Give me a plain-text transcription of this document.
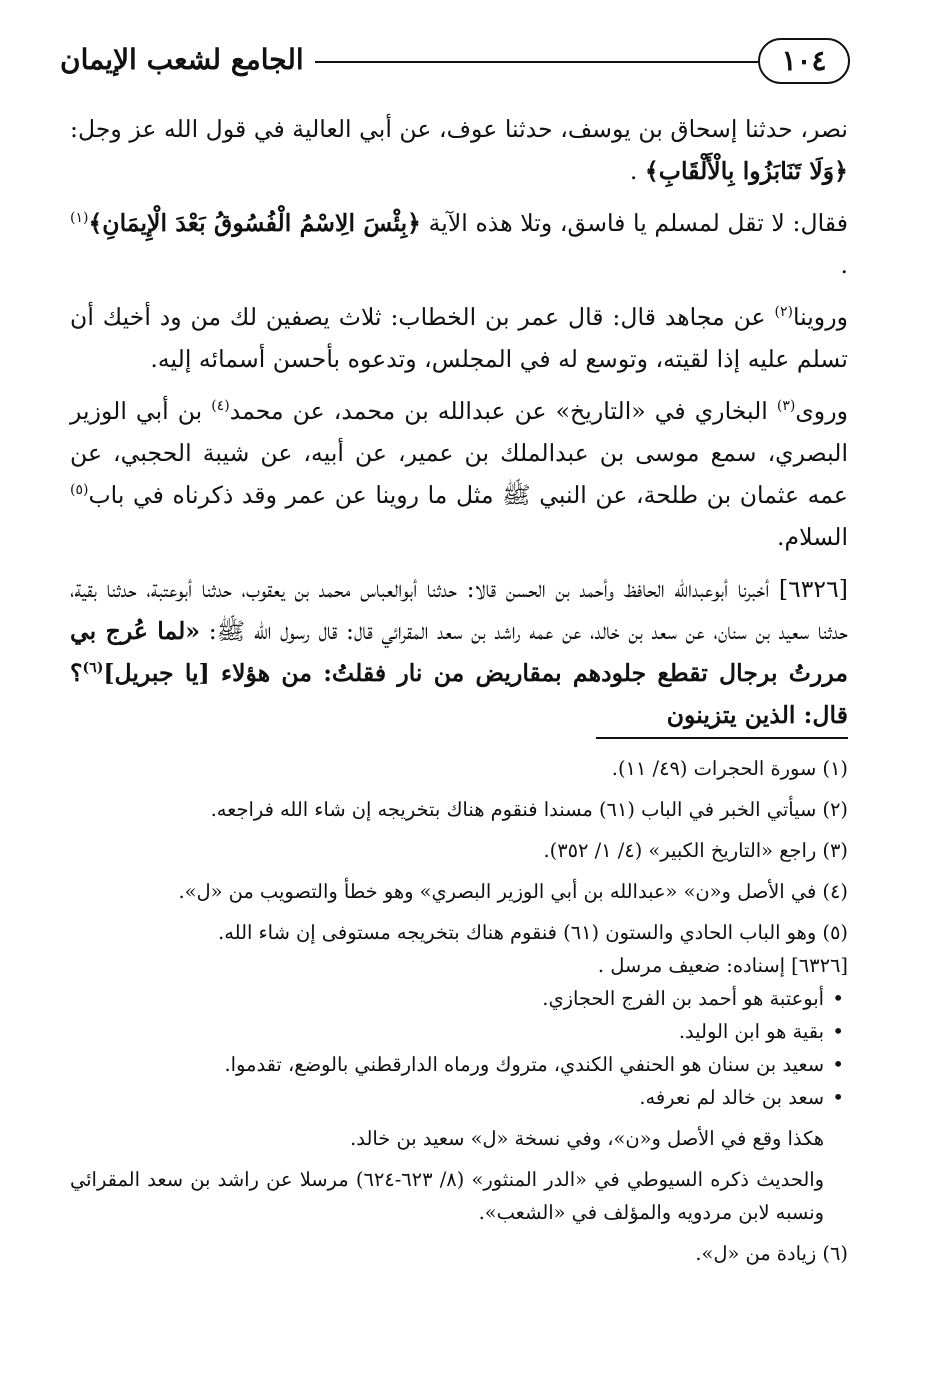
١٠٤
الجامع لشعب الإيمان

نصر، حدثنا إسحاق بن يوسف، حدثنا عوف، عن أبي العالية في قول الله عز وجل: ﴿وَلَا تَنَابَزُوا بِالْأَلْقَابِ﴾ .

فقال: لا تقل لمسلم يا فاسق، وتلا هذه الآية ﴿بِئْسَ الِاسْمُ الْفُسُوقُ بَعْدَ الْإِيمَانِ﴾$^{(١)}$ .

وروينا$^{(٢)}$ عن مجاهد قال: قال عمر بن الخطاب: ثلاث يصفين لك من ود أخيك أن تسلم عليه إذا لقيته، وتوسع له في المجلس، وتدعوه بأحسن أسمائه إليه.

وروى$^{(٣)}$ البخاري في «التاريخ» عن عبدالله بن محمد، عن محمد$^{(٤)}$ بن أبي الوزير البصري، سمع موسى بن عبدالملك بن عمير، عن أبيه، عن شيبة الحجبي، عن عمه عثمان بن طلحة، عن النبي ﷺ مثل ما روينا عن عمر وقد ذكرناه في باب$^{(٥)}$ السلام.

[٦٣٢٦] أخبرنا أبوعبدالله الحافظ وأحمد بن الحسن قالا: حدثنا أبوالعباس محمد بن يعقوب، حدثنا أبوعتبة، حدثنا بقية، حدثنا سعيد بن سنان، عن سعد بن خالد، عن عمه راشد بن سعد المقرائي قال: قال رسول الله ﷺ: «لما عُرج بي مررتُ برجال تقطع جلودهم بمقاريض من نار فقلتُ: من هؤلاء [يا جبريل]$^{(٦)}$؟ قال: الذين يتزينون

(١) سورة الحجرات (٤٩/ ١١).

(٢) سيأتي الخبر في الباب (٦١) مسندا فنقوم هناك بتخريجه إن شاء الله فراجعه.

(٣) راجع «التاريخ الكبير» (٤/ ١/ ٣٥٢).

(٤) في الأصل و«ن» «عبدالله بن أبي الوزير البصري» وهو خطأ والتصويب من «ل».

(٥) وهو الباب الحادي والستون (٦١) فنقوم هناك بتخريجه مستوفى إن شاء الله.

[٦٣٢٦] إسناده: ضعيف مرسل .

• أبوعتبة هو أحمد بن الفرج الحجازي.
• بقية هو ابن الوليد.
• سعيد بن سنان هو الحنفي الكندي، متروك ورماه الدارقطني بالوضع، تقدموا.
• سعد بن خالد لم نعرفه.

هكذا وقع في الأصل و«ن»، وفي نسخة «ل» سعيد بن خالد.

والحديث ذكره السيوطي في «الدر المنثور» (٨/ ٦٢٣-٦٢٤) مرسلا عن راشد بن سعد المقرائي ونسبه لابن مردويه والمؤلف في «الشعب».

(٦) زيادة من «ل».
